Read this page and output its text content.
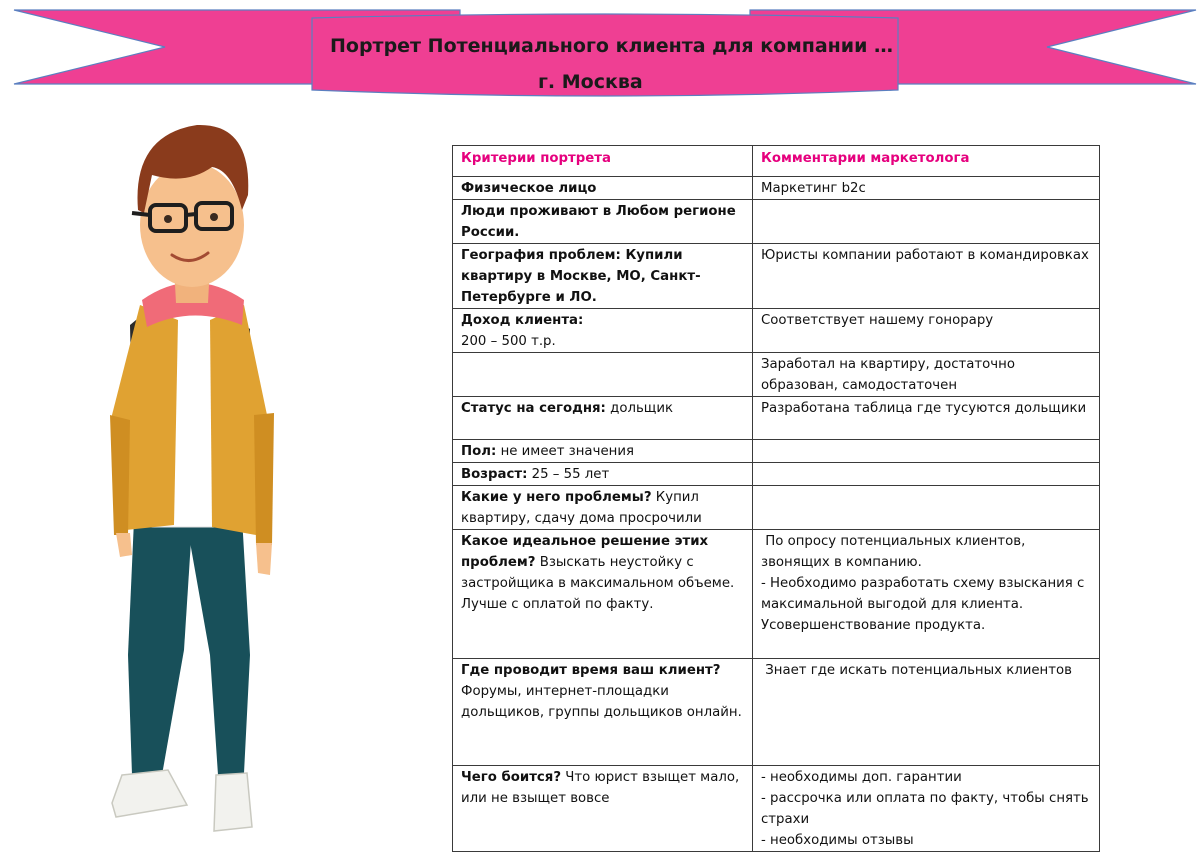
Портрет Потенциального клиента для компании …
г. Москва
Критерии портрета	Комментарии маркетолога
Физическое лицо	Маркетинг b2c
Люди проживают в Любом регионе России.	
География проблем: Купили квартиру в Москве, МО, Санкт-Петербурге и ЛО.	Юристы компании работают в командировках
Доход клиента:
200 – 500 т.р.	Соответствует нашему гонорару
	Заработал на квартиру, достаточно образован, самодостаточен
Статус на сегодня: дольщик	Разработана таблица где тусуются дольщики
Пол: не имеет значения	
Возраст: 25 – 55 лет	
Какие у него проблемы? Купил квартиру, сдачу дома просрочили	
Какое идеальное решение этих проблем? Взыскать неустойку с застройщика в максимальном объеме. Лучше с оплатой по факту.	По опросу потенциальных клиентов, звонящих в компанию.
- Необходимо разработать схему взыскания с максимальной выгодой для клиента. Усовершенствование продукта.

Где проводит время ваш клиент? Форумы, интернет-площадки дольщиков, группы дольщиков онлайн.	Знает где искать потенциальных клиентов
Чего боится? Что юрист взыщет мало, или не взыщет вовсе	- необходимы доп. гарантии
- рассрочка или оплата по факту, чтобы снять страхи
- необходимы отзывы
